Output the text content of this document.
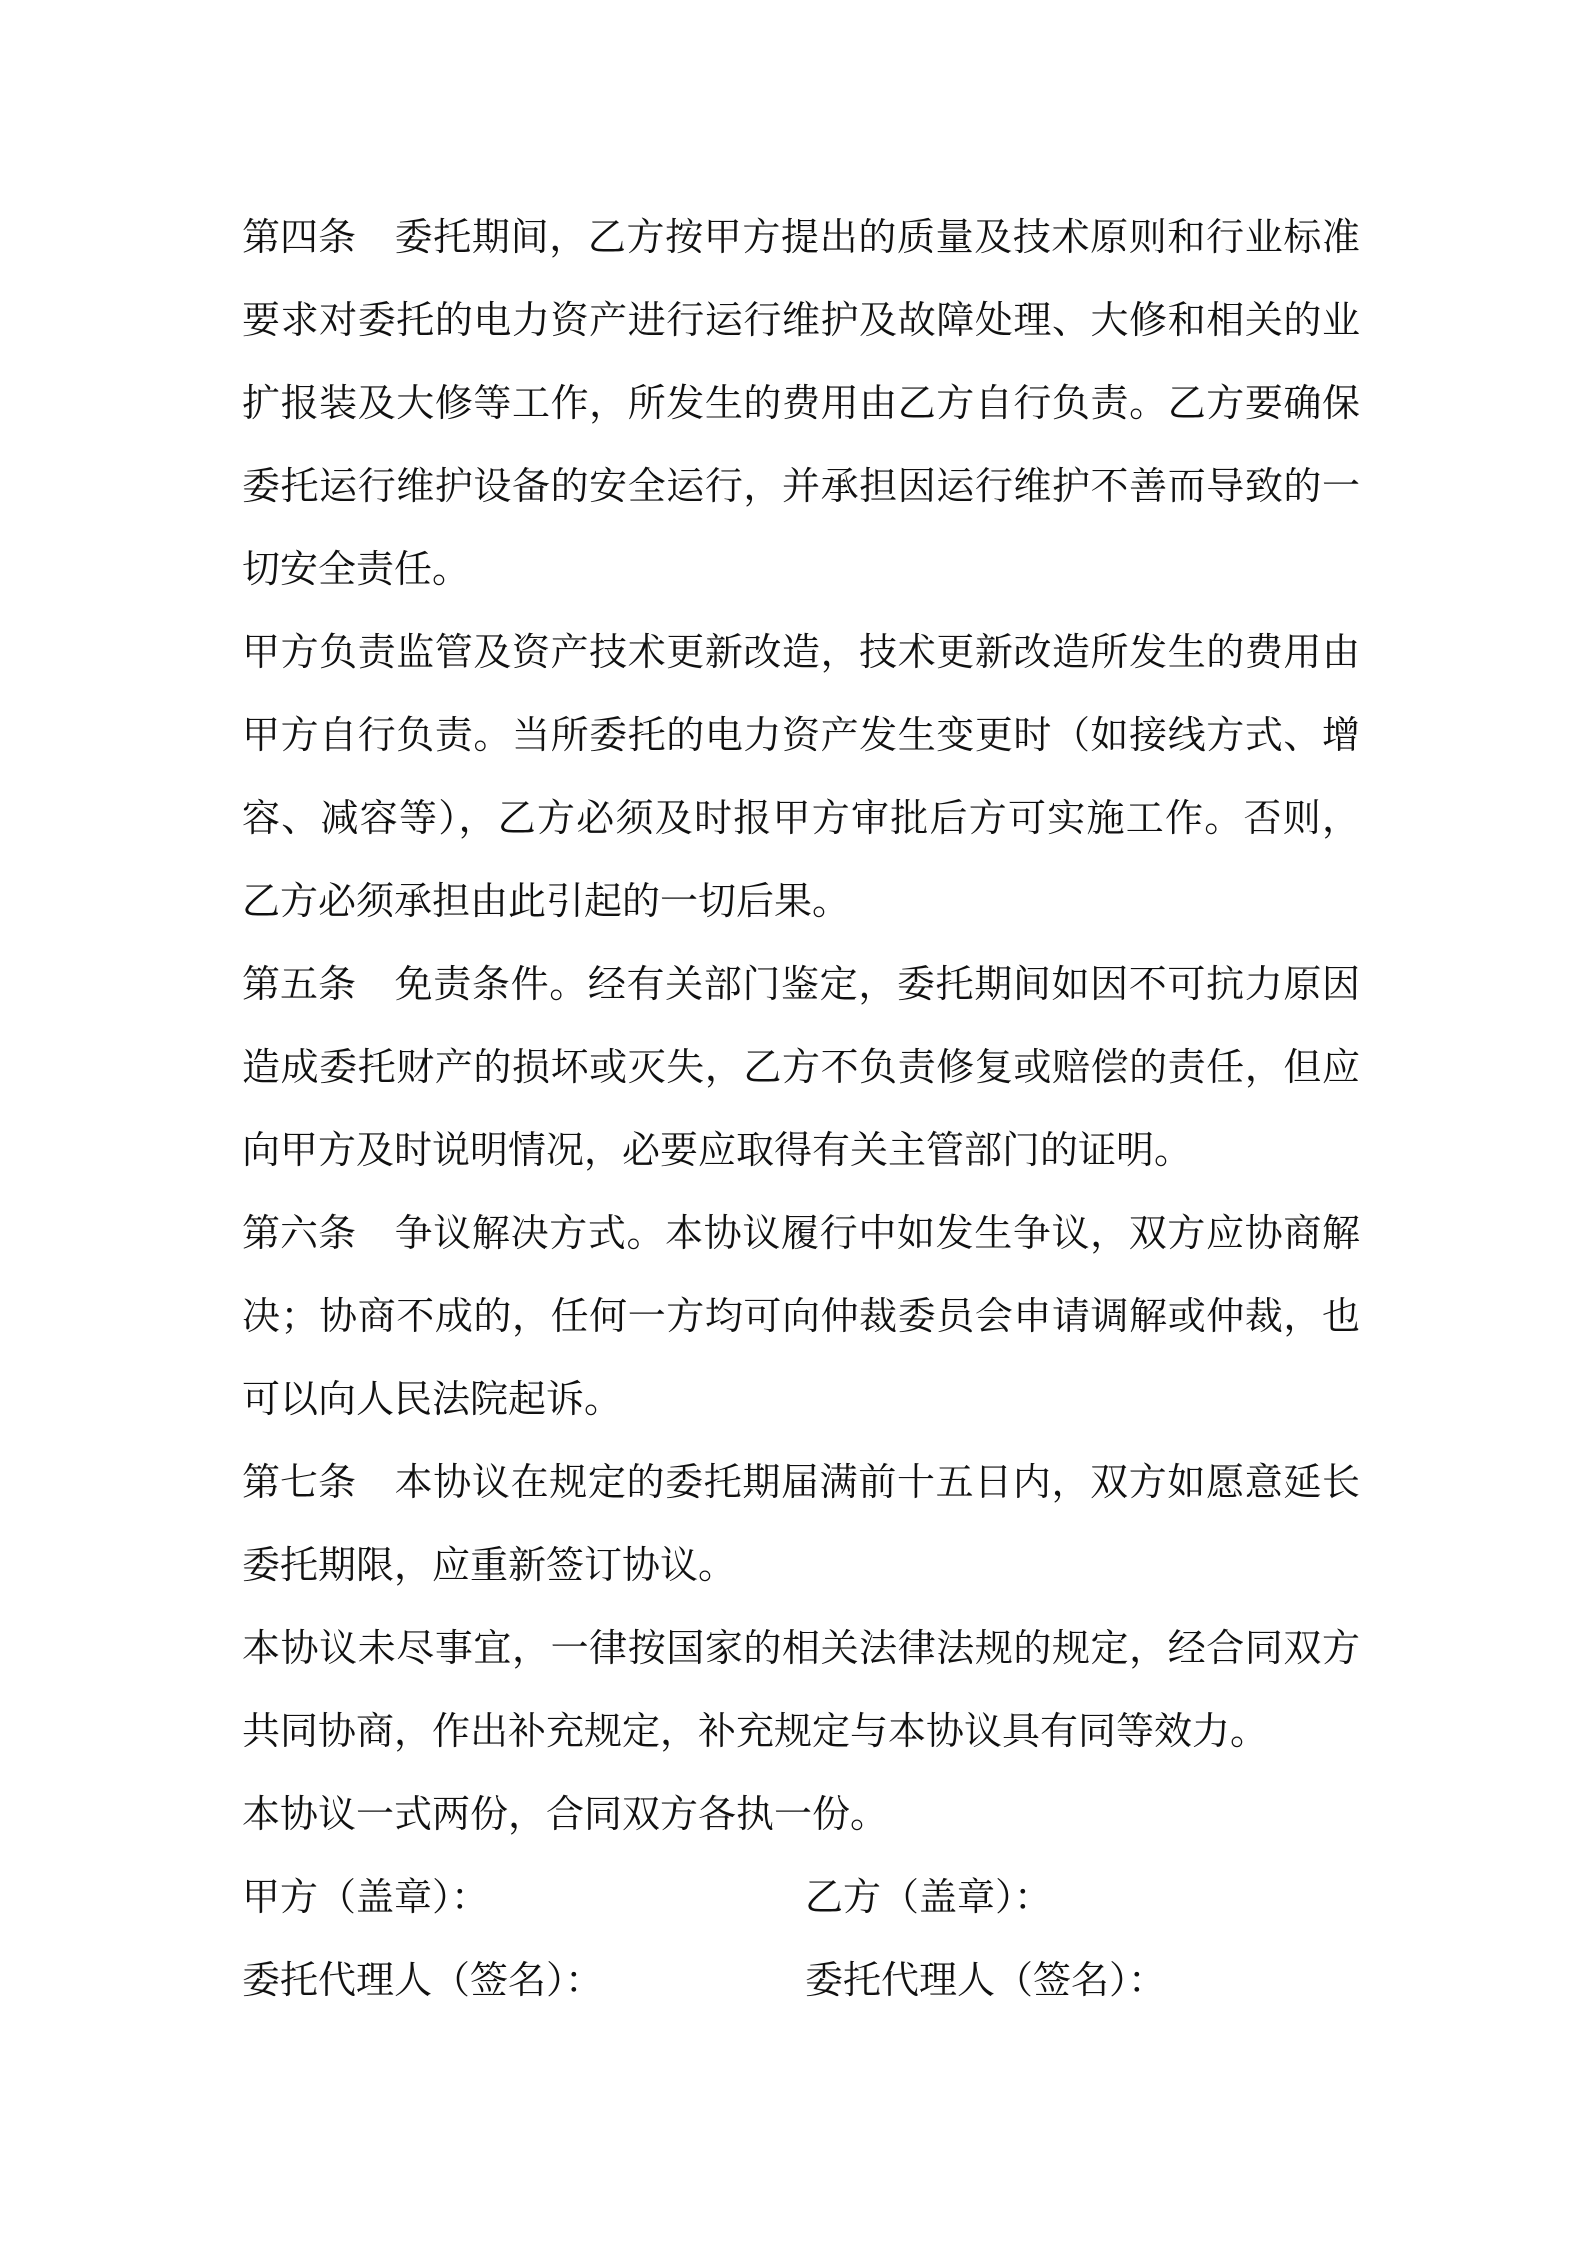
第四条 委托期间，乙方按甲方提出的质量及技术原则和行业标准要求对委托的电力资产进行运行维护及故障处理、大修和相关的业扩报装及大修等工作，所发生的费用由乙方自行负责。乙方要确保委托运行维护设备的安全运行，并承担因运行维护不善而导致的一切安全责任。

甲方负责监管及资产技术更新改造，技术更新改造所发生的费用由甲方自行负责。当所委托的电力资产发生变更时（如接线方式、增容、减容等），乙方必须及时报甲方审批后方可实施工作。否则，乙方必须承担由此引起的一切后果。

第五条 免责条件。经有关部门鉴定，委托期间如因不可抗力原因造成委托财产的损坏或灭失，乙方不负责修复或赔偿的责任，但应向甲方及时说明情况，必要应取得有关主管部门的证明。

第六条 争议解决方式。本协议履行中如发生争议，双方应协商解决；协商不成的，任何一方均可向仲裁委员会申请调解或仲裁，也可以向人民法院起诉。

第七条 本协议在规定的委托期届满前十五日内，双方如愿意延长委托期限，应重新签订协议。

本协议未尽事宜，一律按国家的相关法律法规的规定，经合同双方共同协商，作出补充规定，补充规定与本协议具有同等效力。

本协议一式两份，合同双方各执一份。

甲方（盖章）：	乙方（盖章）：
委托代理人（签名）：	委托代理人（签名）：
